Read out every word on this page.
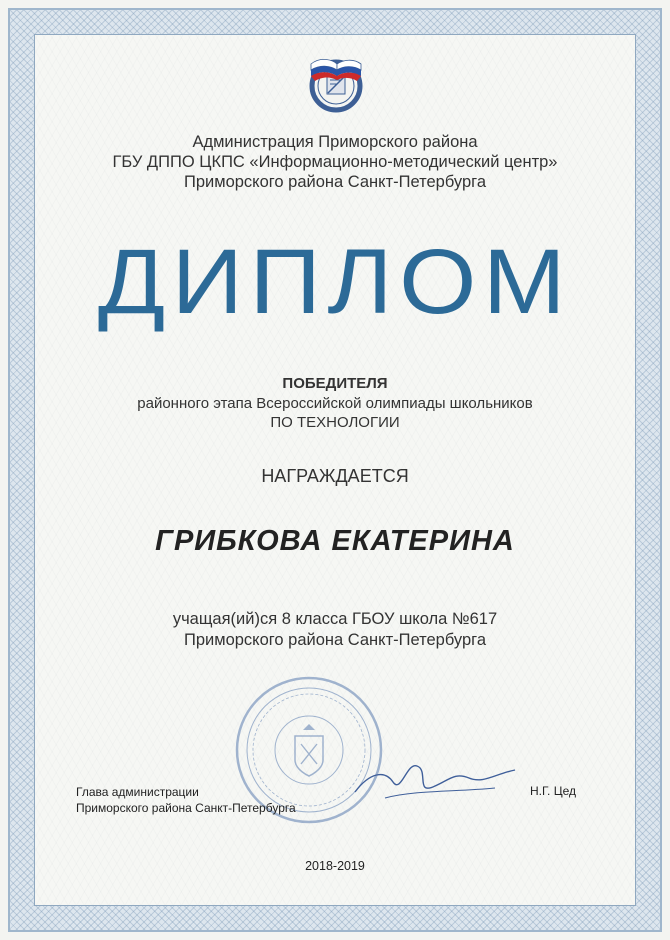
Администрация Приморского района
ГБУ ДППО ЦКПС «Информационно-методический центр»
Приморского района Санкт-Петербурга
ДИПЛОМ
ПОБЕДИТЕЛЯ
районного этапа Всероссийской олимпиады школьников
ПО ТЕХНОЛОГИИ
НАГРАЖДАЕТСЯ
ГРИБКОВА ЕКАТЕРИНА
учащая(ий)ся 8 класса ГБОУ школа №617
Приморского района Санкт-Петербурга
Глава администрации
Приморского района Санкт-Петербурга
Н.Г. Цед
2018-2019
